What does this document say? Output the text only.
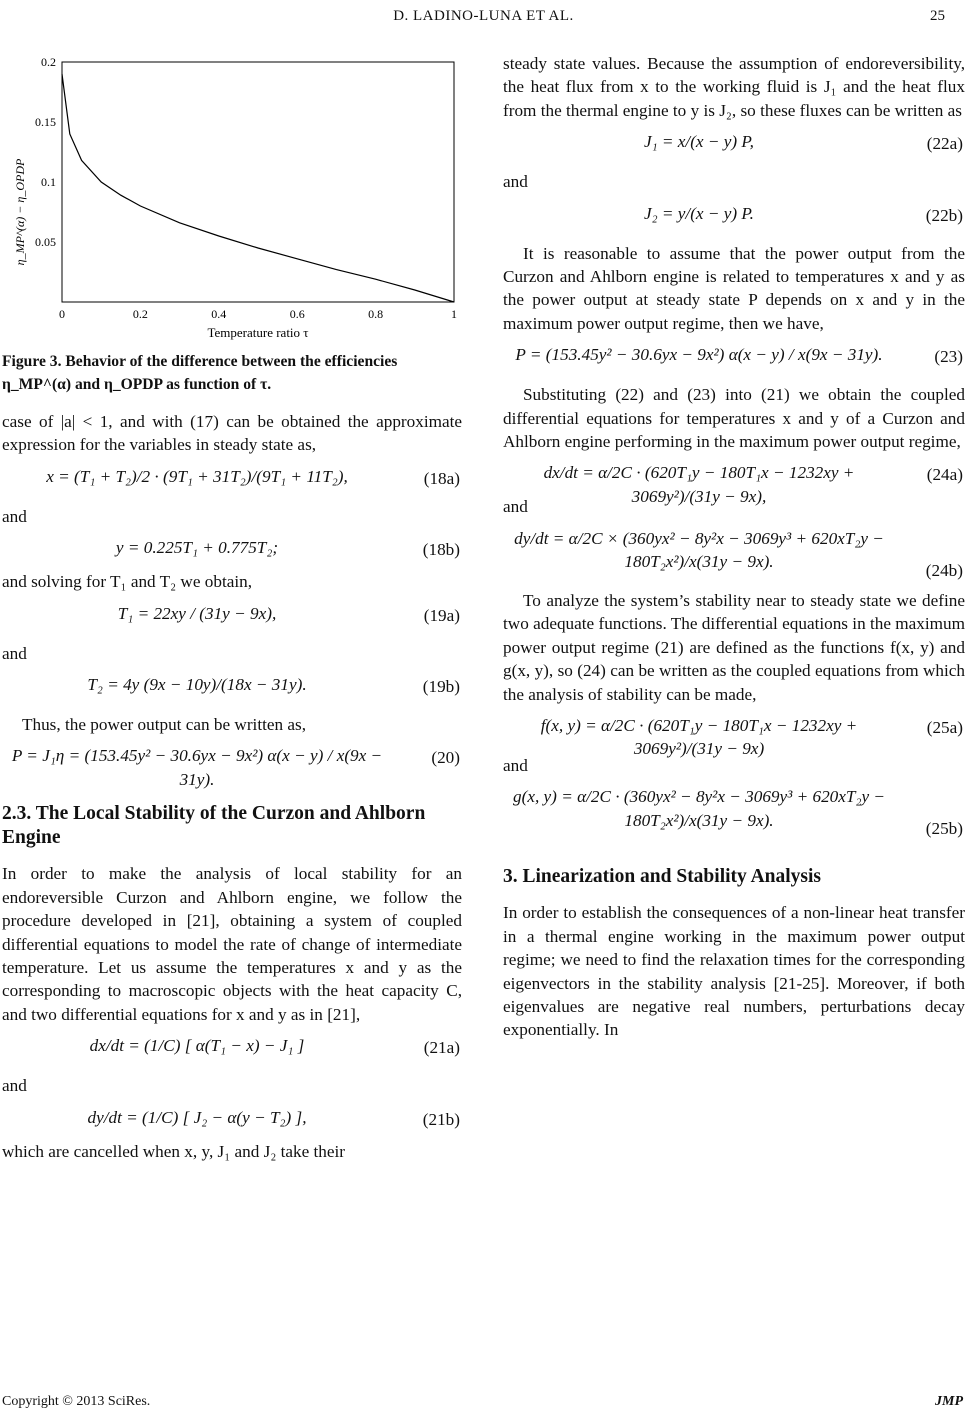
D. LADINO-LUNA ET AL.	25
0	0.2	0.4	0.6	0.8	1
0.05
0.1
0.15
0.2
η_MP^(α) − η_OPDP
Temperature ratio τ
Figure 3. Behavior of the difference between the efficiencies η_MP^(α) and η_OPDP as function of τ.

case of |a| < 1, and with (17) can be obtained the approximate expression for the variables in steady state as,

x = (T₁ + T₂)/2 · (9T₁ + 31T₂)/(9T₁ + 11T₂),	(18a)

and

y = 0.225T₁ + 0.775T₂;	(18b)

and solving for T₁ and T₂ we obtain,

T₁ = 22xy / (31y − 9x),	(19a)

and

T₂ = 4y (9x − 10y)/(18x − 31y).	(19b)

Thus, the power output can be written as,

P = J₁η = (153.45y² − 30.6yx − 9x²) α(x − y) / x(9x − 31y).
(20)
2.3. The Local Stability of the Curzon and Ahlborn Engine

In order to make the analysis of local stability for an endoreversible Curzon and Ahlborn engine, we follow the procedure developed in [21], obtaining a system of coupled differential equations to model the rate of change of intermediate temperature. Let us assume the temperatures x and y as the corresponding to macroscopic objects with the heat capacity C, and two differential equations for x and y as in [21],

dx/dt = (1/C) [ α(T₁ − x) − J₁ ]	(21a)

and

dy/dt = (1/C) [ J₂ − α(y − T₂) ],	(21b)

which are cancelled when x, y, J₁ and J₂ take their

steady state values. Because the assumption of endoreversibility, the heat flux from x to the working fluid is J₁ and the heat flux from the thermal engine to y is J₂, so these fluxes can be written as

J₁ = x/(x − y) P,	(22a)

and

J₂ = y/(x − y) P.	(22b)

It is reasonable to assume that the power output from the Curzon and Ahlborn engine is related to temperatures x and y as the power output at steady state P depends on x and y in the maximum power output regime, then we have,

P = (153.45y² − 30.6yx − 9x²) α(x − y) / x(9x − 31y).	(23)

Substituting (22) and (23) into (21) we obtain the coupled differential equations for temperatures x and y of a Curzon and Ahlborn engine performing in the maximum power output regime,

dx/dt = α/2C · (620T₁y − 180T₁x − 1232xy + 3069y²)/(31y − 9x),
(24a)

and

dy/dt = α/2C × (360yx² − 8y²x − 3069y³ + 620xT₂y − 180T₂x²)/x(31y − 9x).	(24b)

To analyze the system’s stability near to steady state we define two adequate functions. The differential equations in the maximum power output regime (21) are defined as the functions f(x, y) and g(x, y), so (24) can be written as the coupled equations from which the analysis of stability can be made,

f(x, y) = α/2C · (620T₁y − 180T₁x − 1232xy + 3069y²)/(31y − 9x)
(25a)

and

g(x, y) = α/2C · (360yx² − 8y²x − 3069y³ + 620xT₂y − 180T₂x²)/x(31y − 9x).	(25b)
3. Linearization and Stability Analysis

In order to establish the consequences of a non-linear heat transfer in a thermal engine working in the maximum power output regime; we need to find the relaxation times for the corresponding eigenvectors in the stability analysis [21-25]. Moreover, if both eigenvalues are negative real numbers, perturbations decay exponentially. In

Copyright © 2013 SciRes.	JMP
